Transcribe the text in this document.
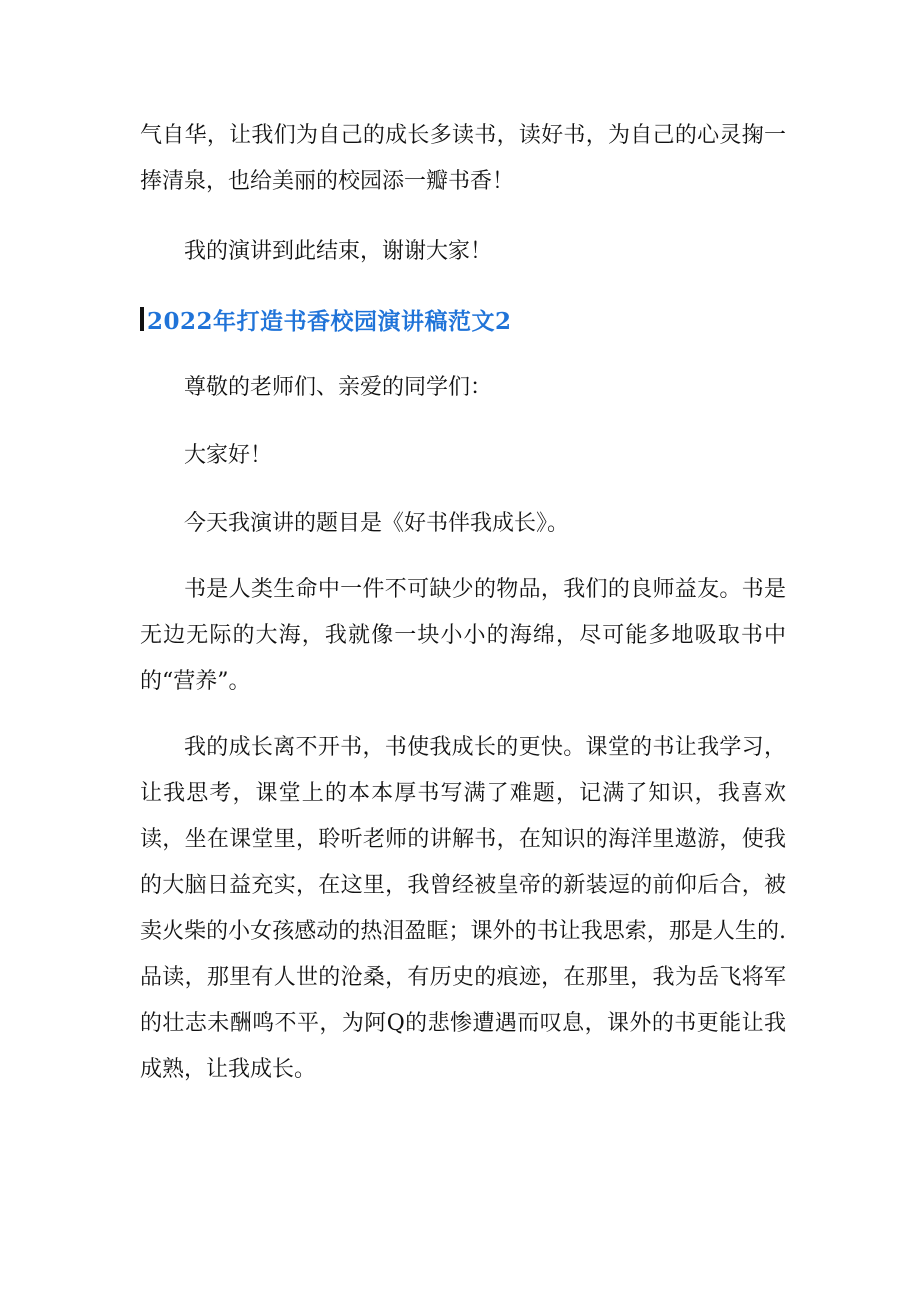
气自华，让我们为自己的成长多读书，读好书，为自己的心灵掬一捧清泉，也给美丽的校园添一瓣书香！

我的演讲到此结束，谢谢大家！

2022年打造书香校园演讲稿范文2

尊敬的老师们、亲爱的同学们：

大家好！

今天我演讲的题目是《好书伴我成长》。

书是人类生命中一件不可缺少的物品，我们的良师益友。书是无边无际的大海，我就像一块小小的海绵，尽可能多地吸取书中的“营养”。

我的成长离不开书，书使我成长的更快。课堂的书让我学习，让我思考，课堂上的本本厚书写满了难题，记满了知识，我喜欢读，坐在课堂里，聆听老师的讲解书，在知识的海洋里遨游，使我的大脑日益充实，在这里，我曾经被皇帝的新装逗的前仰后合，被卖火柴的小女孩感动的热泪盈眶；课外的书让我思索，那是人生的.品读，那里有人世的沧桑，有历史的痕迹，在那里，我为岳飞将军的壮志未酬鸣不平，为阿Q的悲惨遭遇而叹息，课外的书更能让我成熟，让我成长。
